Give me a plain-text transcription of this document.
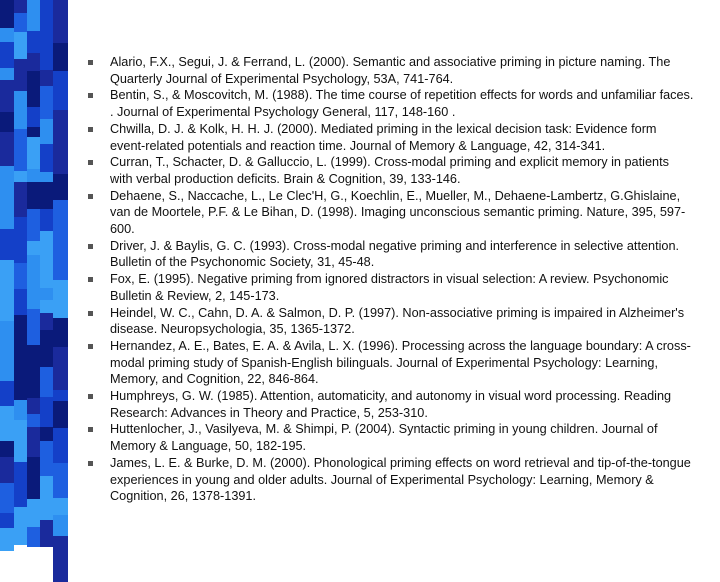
Alario, F.X., Segui, J. & Ferrand, L. (2000). Semantic and associative priming in picture naming. The Quarterly Journal of Experimental Psychology, 53A, 741-764.
Bentin, S., & Moscovitch, M. (1988). The time course of repetition effects for words and unfamiliar faces. . Journal of Experimental Psychology General, 117, 148-160 .
Chwilla, D. J. & Kolk, H. H. J. (2000). Mediated priming in the lexical decision task: Evidence form event-related potentials and reaction time. Journal of Memory & Language, 42, 314-341.
Curran, T., Schacter, D. & Galluccio, L. (1999). Cross-modal priming and explicit memory in patients with verbal production deficits. Brain & Cognition, 39, 133-146.
Dehaene, S., Naccache, L., Le Clec'H, G., Koechlin, E., Mueller, M., Dehaene-Lambertz, G.Ghislaine, van de Moortele, P.F. & Le Bihan, D. (1998). Imaging unconscious semantic priming. Nature, 395, 597-600.
Driver, J. & Baylis, G. C. (1993). Cross-modal negative priming and interference in selective attention. Bulletin of the Psychonomic Society, 31, 45-48.
Fox, E. (1995). Negative priming from ignored distractors in visual selection: A review. Psychonomic Bulletin & Review, 2, 145-173.
Heindel, W. C., Cahn, D. A. & Salmon, D. P. (1997). Non-associative priming is impaired in Alzheimer's disease. Neuropsychologia, 35, 1365-1372.
Hernandez, A. E., Bates, E. A. & Avila, L. X. (1996). Processing across the language boundary: A cross-modal priming study of Spanish-English bilinguals. Journal of Experimental Psychology: Learning, Memory, and Cognition, 22, 846-864.
Humphreys, G. W. (1985). Attention, automaticity, and autonomy in visual word processing. Reading Research: Advances in Theory and Practice, 5, 253-310.
Huttenlocher, J., Vasilyeva, M. & Shimpi, P. (2004). Syntactic priming in young children. Journal of Memory & Language, 50, 182-195.
James, L. E. & Burke, D. M. (2000). Phonological priming effects on word retrieval and tip-of-the-tongue experiences in young and older adults. Journal of Experimental Psychology: Learning, Memory & Cognition, 26, 1378-1391.
